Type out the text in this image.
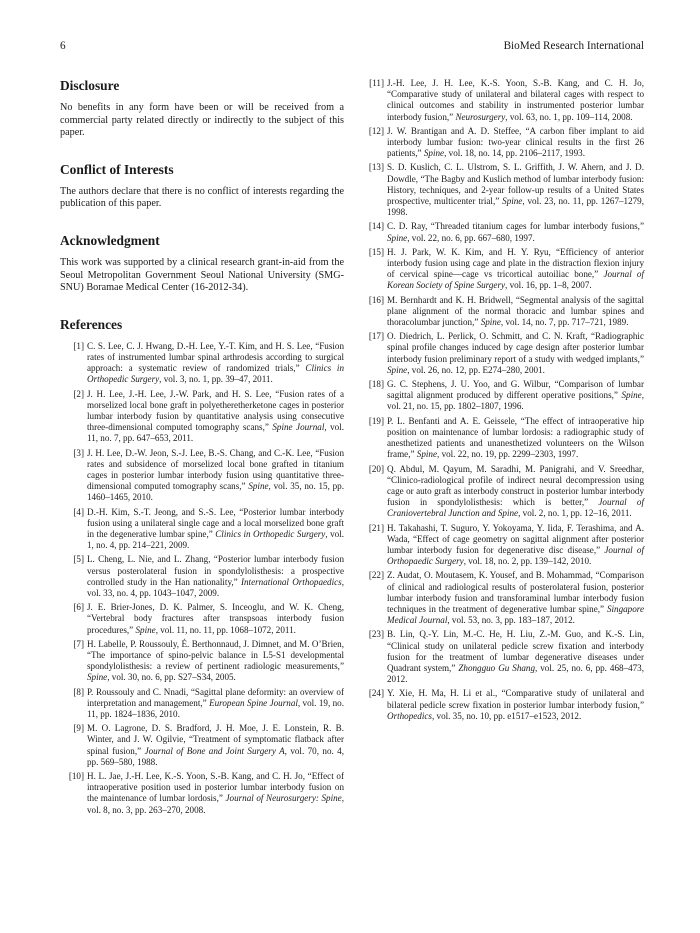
6	BioMed Research International
Disclosure

No benefits in any form have been or will be received from a commercial party related directly or indirectly to the subject of this paper.

Conflict of Interests

The authors declare that there is no conflict of interests regarding the publication of this paper.

Acknowledgment

This work was supported by a clinical research grant-in-aid from the Seoul Metropolitan Government Seoul National University (SMG-SNU) Boramae Medical Center (16-2012-34).

References
[ 1 ] C. S. Lee, C. J. Hwang, D.-H. Lee, Y.-T. Kim, and H. S. Lee, “Fusion rates of instrumented lumbar spinal arthrodesis according to surgical approach: a systematic review of randomized trials,” Clinics in Orthopedic Surgery, vol. 3, no. 1, pp. 39–47, 2011.
[ 2 ] J. H. Lee, J.-H. Lee, J.-W. Park, and H. S. Lee, “Fusion rates of a morselized local bone graft in polyetheretherketone cages in posterior lumbar interbody fusion by quantitative analysis using consecutive three-dimensional computed tomography scans,” Spine Journal, vol. 11, no. 7, pp. 647–653, 2011.
[ 3 ] J. H. Lee, D.-W. Jeon, S.-J. Lee, B.-S. Chang, and C.-K. Lee, “Fusion rates and subsidence of morselized local bone grafted in titanium cages in posterior lumbar interbody fusion using quantitative three-dimensional computed tomography scans,” Spine, vol. 35, no. 15, pp. 1460–1465, 2010.
[ 4 ] D.-H. Kim, S.-T. Jeong, and S.-S. Lee, “Posterior lumbar interbody fusion using a unilateral single cage and a local morselized bone graft in the degenerative lumbar spine,” Clinics in Orthopedic Surgery, vol. 1, no. 4, pp. 214–221, 2009.
[ 5 ] L. Cheng, L. Nie, and L. Zhang, “Posterior lumbar interbody fusion versus posterolateral fusion in spondylolisthesis: a prospective controlled study in the Han nationality,” International Orthopaedics, vol. 33, no. 4, pp. 1043–1047, 2009.
[ 6 ] J. E. Brier-Jones, D. K. Palmer, S. Inceoglu, and W. K. Cheng, “Vertebral body fractures after transpsoas interbody fusion procedures,” Spine, vol. 11, no. 11, pp. 1068–1072, 2011.
[ 7 ] H. Labelle, P. Roussouly, É. Berthonnaud, J. Dimnet, and M. O’Brien, “The importance of spino-pelvic balance in L5-S1 developmental spondylolisthesis: a review of pertinent radiologic measurements,” Spine, vol. 30, no. 6, pp. S27–S34, 2005.
[ 8 ] P. Roussouly and C. Nnadi, “Sagittal plane deformity: an overview of interpretation and management,” European Spine Journal, vol. 19, no. 11, pp. 1824–1836, 2010.
[ 9 ] M. O. Lagrone, D. S. Bradford, J. H. Moe, J. E. Lonstein, R. B. Winter, and J. W. Ogilvie, “Treatment of symptomatic flatback after spinal fusion,” Journal of Bone and Joint Surgery A, vol. 70, no. 4, pp. 569–580, 1988.
[ 10 ] H. L. Jae, J.-H. Lee, K.-S. Yoon, S.-B. Kang, and C. H. Jo, “Effect of intraoperative position used in posterior lumbar interbody fusion on the maintenance of lumbar lordosis,” Journal of Neurosurgery: Spine, vol. 8, no. 3, pp. 263–270, 2008.
[ 11 ] J.-H. Lee, J. H. Lee, K.-S. Yoon, S.-B. Kang, and C. H. Jo, “Comparative study of unilateral and bilateral cages with respect to clinical outcomes and stability in instrumented posterior lumbar interbody fusion,” Neurosurgery, vol. 63, no. 1, pp. 109–114, 2008.
[ 12 ] J. W. Brantigan and A. D. Steffee, “A carbon fiber implant to aid interbody lumbar fusion: two-year clinical results in the first 26 patients,” Spine, vol. 18, no. 14, pp. 2106–2117, 1993.
[ 13 ] S. D. Kuslich, C. L. Ulstrom, S. L. Griffith, J. W. Ahern, and J. D. Dowdle, “The Bagby and Kuslich method of lumbar interbody fusion: History, techniques, and 2-year follow-up results of a United States prospective, multicenter trial,” Spine, vol. 23, no. 11, pp. 1267–1279, 1998.
[ 14 ] C. D. Ray, “Threaded titanium cages for lumbar interbody fusions,” Spine, vol. 22, no. 6, pp. 667–680, 1997.
[ 15 ] H. J. Park, W. K. Kim, and H. Y. Ryu, “Efficiency of anterior interbody fusion using cage and plate in the distraction flexion injury of cervical spine—cage vs tricortical autoiliac bone,” Journal of Korean Society of Spine Surgery, vol. 16, pp. 1–8, 2007.
[ 16 ] M. Bernhardt and K. H. Bridwell, “Segmental analysis of the sagittal plane alignment of the normal thoracic and lumbar spines and thoracolumbar junction,” Spine, vol. 14, no. 7, pp. 717–721, 1989.
[ 17 ] O. Diedrich, L. Perlick, O. Schmitt, and C. N. Kraft, “Radiographic spinal profile changes induced by cage design after posterior lumbar interbody fusion preliminary report of a study with wedged implants,” Spine, vol. 26, no. 12, pp. E274–280, 2001.
[ 18 ] G. C. Stephens, J. U. Yoo, and G. Wilbur, “Comparison of lumbar sagittal alignment produced by different operative positions,” Spine, vol. 21, no. 15, pp. 1802–1807, 1996.
[ 19 ] P. L. Benfanti and A. E. Geissele, “The effect of intraoperative hip position on maintenance of lumbar lordosis: a radiographic study of anesthetized patients and unanesthetized volunteers on the Wilson frame,” Spine, vol. 22, no. 19, pp. 2299–2303, 1997.
[ 20 ] Q. Abdul, M. Qayum, M. Saradhi, M. Panigrahi, and V. Sreedhar, “Clinico-radiological profile of indirect neural decompression using cage or auto graft as interbody construct in posterior lumbar interbody fusion in spondylolisthesis: which is better,” Journal of Craniovertebral Junction and Spine, vol. 2, no. 1, pp. 12–16, 2011.
[ 21 ] H. Takahashi, T. Suguro, Y. Yokoyama, Y. Iida, F. Terashima, and A. Wada, “Effect of cage geometry on sagittal alignment after posterior lumbar interbody fusion for degenerative disc disease,” Journal of Orthopaedic Surgery, vol. 18, no. 2, pp. 139–142, 2010.
[ 22 ] Z. Audat, O. Moutasem, K. Yousef, and B. Mohammad, “Comparison of clinical and radiological results of posterolateral fusion, posterior lumbar interbody fusion and transforaminal lumbar interbody fusion techniques in the treatment of degenerative lumbar spine,” Singapore Medical Journal, vol. 53, no. 3, pp. 183–187, 2012.
[ 23 ] B. Lin, Q.-Y. Lin, M.-C. He, H. Liu, Z.-M. Guo, and K.-S. Lin, “Clinical study on unilateral pedicle screw fixation and interbody fusion for the treatment of lumbar degenerative diseases under Quadrant system,” Zhongguo Gu Shang, vol. 25, no. 6, pp. 468–473, 2012.
[ 24 ] Y. Xie, H. Ma, H. Li et al., “Comparative study of unilateral and bilateral pedicle screw fixation in posterior lumbar interbody fusion,” Orthopedics, vol. 35, no. 10, pp. e1517–e1523, 2012.
